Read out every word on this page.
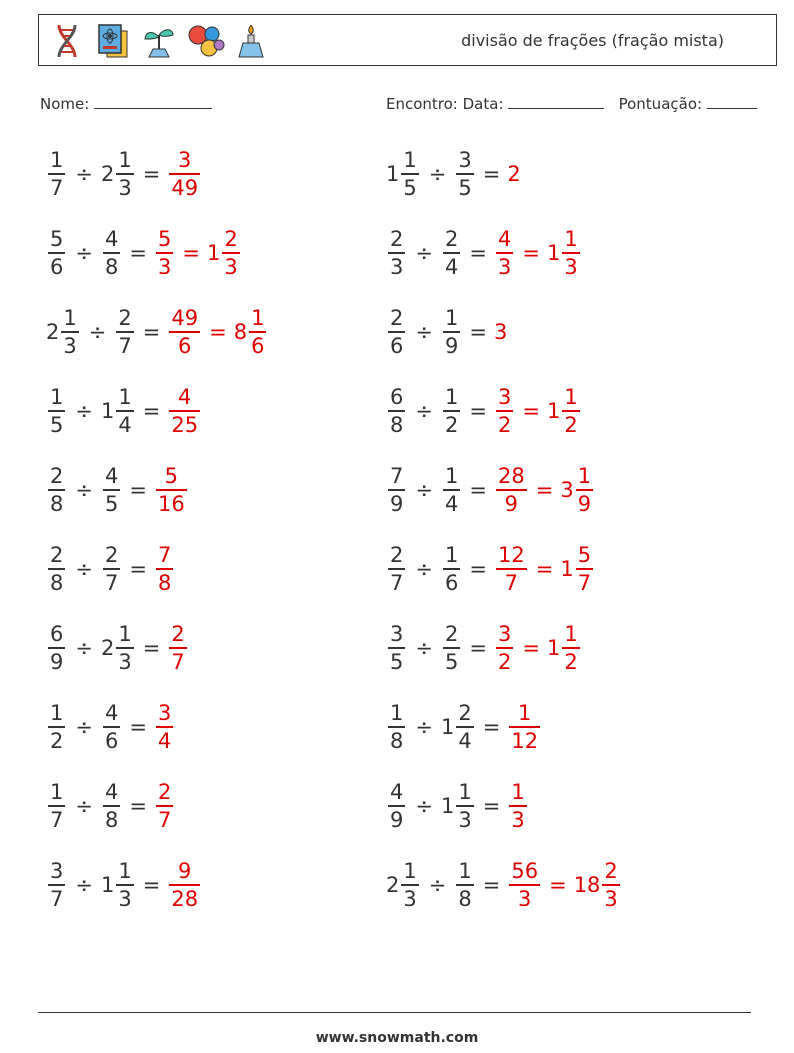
divisão de frações (fração mista)
Nome:	Encontro: Data:	Pontuação:
$\frac{1}{7} \div 2 \frac{1}{3} = \frac{3}{49}$	$1 \frac{1}{5} \div \frac{3}{5} = 2$
$\frac{5}{6} \div \frac{4}{8} = \frac{5}{3} = 1 \frac{2}{3}$	$\frac{2}{3} \div \frac{2}{4} = \frac{4}{3} = 1 \frac{1}{3}$
$2 \frac{1}{3} \div \frac{2}{7} = \frac{49}{6} = 8 \frac{1}{6}$	$\frac{2}{6} \div \frac{1}{9} = 3$
$\frac{1}{5} \div 1 \frac{1}{4} = \frac{4}{25}$	$\frac{6}{8} \div \frac{1}{2} = \frac{3}{2} = 1 \frac{1}{2}$
$\frac{2}{8} \div \frac{4}{5} = \frac{5}{16}$	$\frac{7}{9} \div \frac{1}{4} = \frac{28}{9} = 3 \frac{1}{9}$
$\frac{2}{8} \div \frac{2}{7} = \frac{7}{8}$	$\frac{2}{7} \div \frac{1}{6} = \frac{12}{7} = 1 \frac{5}{7}$
$\frac{6}{9} \div 2 \frac{1}{3} = \frac{2}{7}$	$\frac{3}{5} \div \frac{2}{5} = \frac{3}{2} = 1 \frac{1}{2}$
$\frac{1}{2} \div \frac{4}{6} = \frac{3}{4}$	$\frac{1}{8} \div 1 \frac{2}{4} = \frac{1}{12}$
$\frac{1}{7} \div \frac{4}{8} = \frac{2}{7}$	$\frac{4}{9} \div 1 \frac{1}{3} = \frac{1}{3}$
$\frac{3}{7} \div 1 \frac{1}{3} = \frac{9}{28}$	$2 \frac{1}{3} \div \frac{1}{8} = \frac{56}{3} = 18 \frac{2}{3}$
www.snowmath.com
